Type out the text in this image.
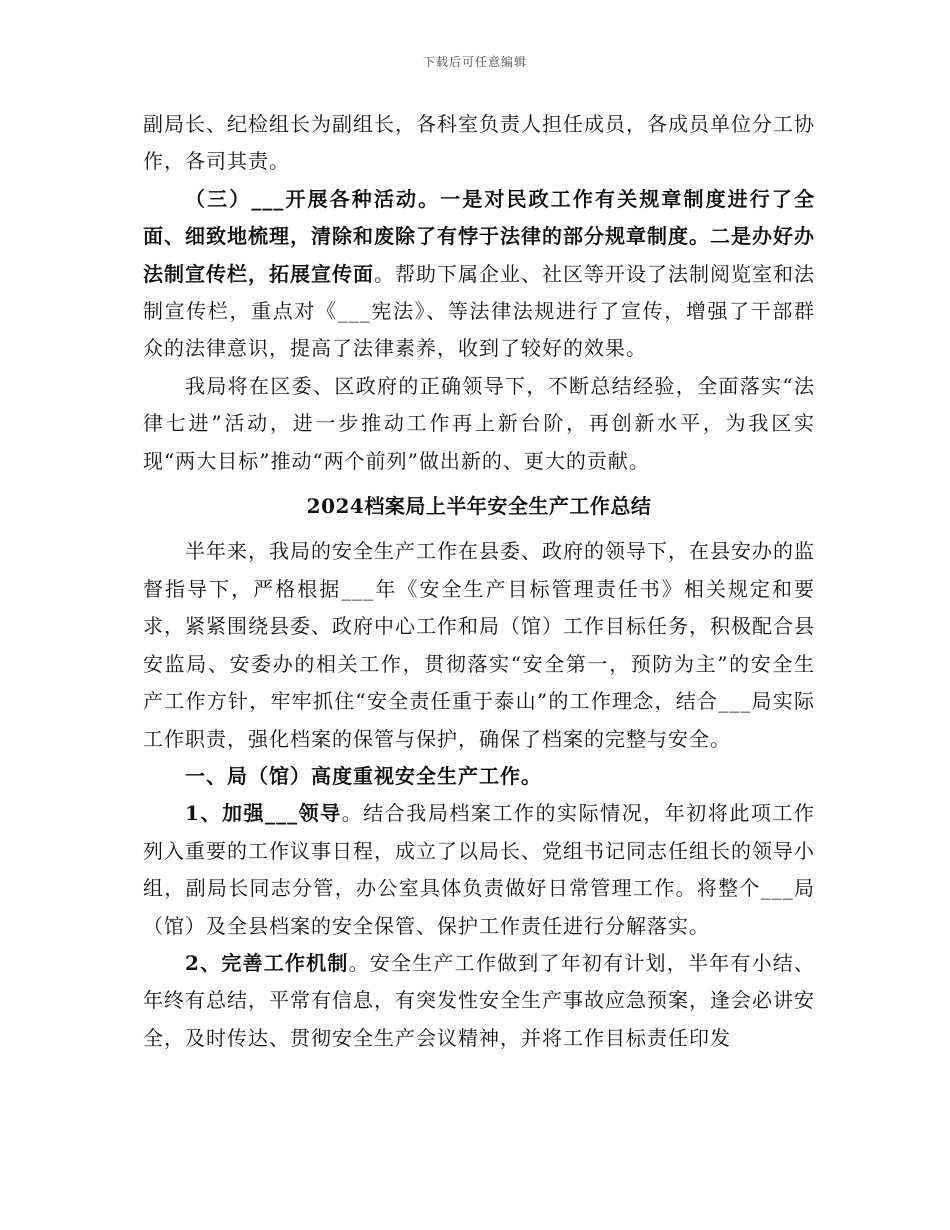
下载后可任意编辑

副局长、纪检组长为副组长，各科室负责人担任成员，各成员单位分工协作，各司其责。

（三）___开展各种活动。一是对民政工作有关规章制度进行了全面、细致地梳理，清除和废除了有悖于法律的部分规章制度。二是办好办法制宣传栏，拓展宣传面。帮助下属企业、社区等开设了法制阅览室和法制宣传栏，重点对《___宪法》、等法律法规进行了宣传，增强了干部群众的法律意识，提高了法律素养，收到了较好的效果。

我局将在区委、区政府的正确领导下，不断总结经验，全面落实“法律七进”活动，进一步推动工作再上新台阶，再创新水平，为我区实现“两大目标”推动“两个前列”做出新的、更大的贡献。

2024档案局上半年安全生产工作总结

半年来，我局的安全生产工作在县委、政府的领导下，在县安办的监督指导下，严格根据___年《安全生产目标管理责任书》相关规定和要求，紧紧围绕县委、政府中心工作和局（馆）工作目标任务，积极配合县安监局、安委办的相关工作，贯彻落实“安全第一，预防为主”的安全生产工作方针，牢牢抓住“安全责任重于泰山”的工作理念，结合___局实际工作职责，强化档案的保管与保护，确保了档案的完整与安全。

一、局（馆）高度重视安全生产工作。

1、加强___领导。结合我局档案工作的实际情况，年初将此项工作列入重要的工作议事日程，成立了以局长、党组书记同志任组长的领导小组，副局长同志分管，办公室具体负责做好日常管理工作。将整个___局（馆）及全县档案的安全保管、保护工作责任进行分解落实。

2、完善工作机制。安全生产工作做到了年初有计划，半年有小结、年终有总结，平常有信息，有突发性安全生产事故应急预案，逢会必讲安全，及时传达、贯彻安全生产会议精神，并将工作目标责任印发
